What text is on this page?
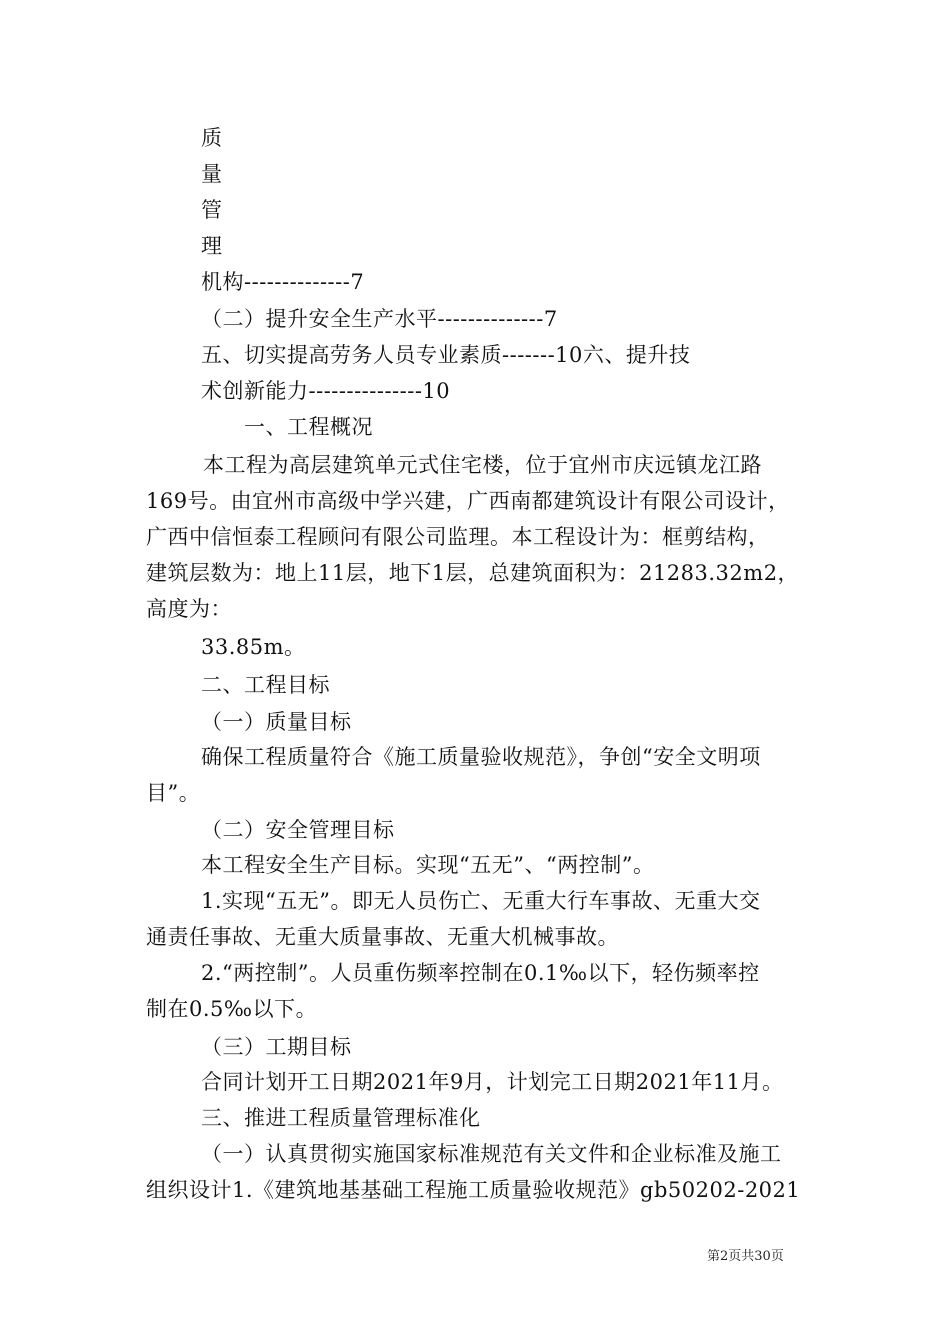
质
量
管
理
机构--------------7
（二）提升安全生产水平--------------7
五、切实提高劳务人员专业素质-------10六、提升技
术创新能力---------------10
一、工程概况
本工程为高层建筑单元式住宅楼，位于宜州市庆远镇龙江路
169号。由宜州市高级中学兴建，广西南都建筑设计有限公司设计，
广西中信恒泰工程顾问有限公司监理。本工程设计为：框剪结构，
建筑层数为：地上11层，地下1层，总建筑面积为：21283.32m2，
高度为：
33.85m。
二、工程目标
（一）质量目标
确保工程质量符合《施工质量验收规范》，争创“安全文明项
目”。
（二）安全管理目标
本工程安全生产目标。实现“五无”、“两控制”。
1.实现“五无”。即无人员伤亡、无重大行车事故、无重大交
通责任事故、无重大质量事故、无重大机械事故。
2.“两控制”。人员重伤频率控制在0.1‰以下，轻伤频率控
制在0.5‰以下。
（三）工期目标
合同计划开工日期2021年9月，计划完工日期2021年11月。
三、推进工程质量管理标准化
（一）认真贯彻实施国家标准规范有关文件和企业标准及施工
组织设计1.《建筑地基基础工程施工质量验收规范》gb50202-2021
第2页共30页
